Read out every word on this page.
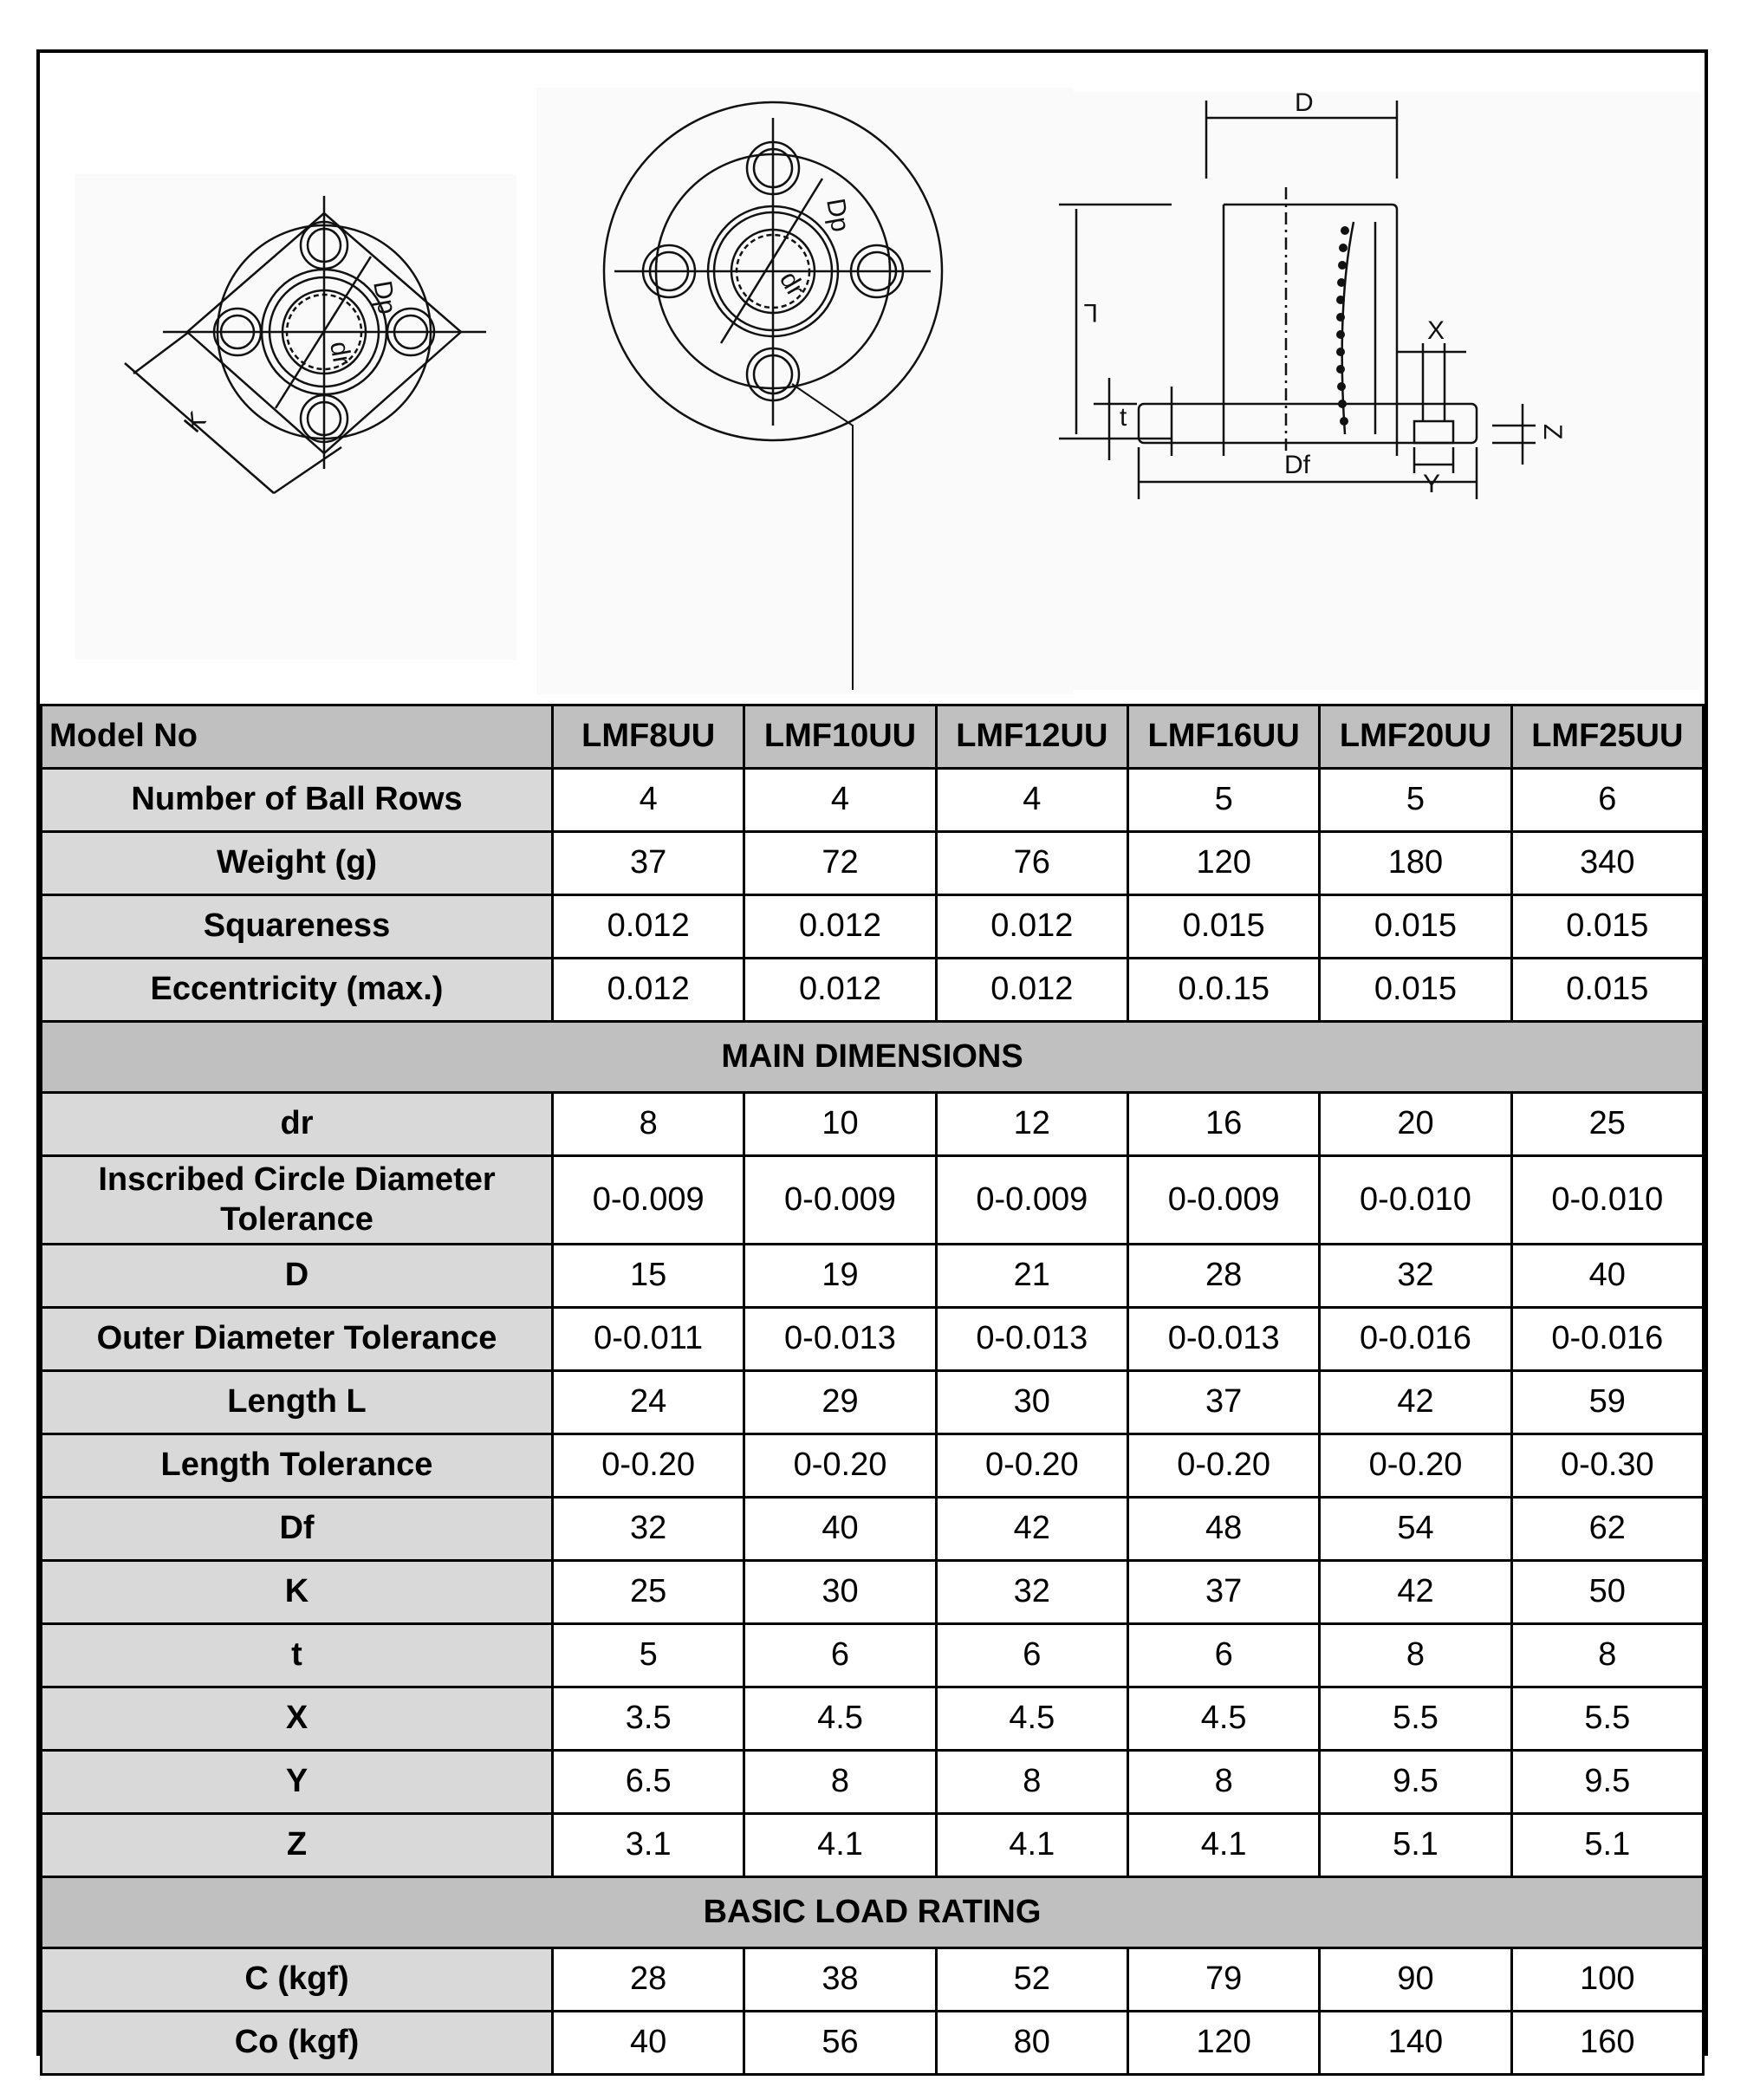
Dp
dr
K
Dp
dr
D
L
t
Df
X
Y
Z
Model No	LMF8UU	LMF10UU	LMF12UU	LMF16UU	LMF20UU	LMF25UU
Number of Ball Rows	4	4	4	5	5	6
Weight (g)	37	72	76	120	180	340
Squareness	0.012	0.012	0.012	0.015	0.015	0.015
Eccentricity (max.)	0.012	0.012	0.012	0.0.15	0.015	0.015
MAIN DIMENSIONS						
dr	8	10	12	16	20	25
Inscribed Circle Diameter Tolerance	0-0.009	0-0.009	0-0.009	0-0.009	0-0.010	0-0.010
D	15	19	21	28	32	40
Outer Diameter Tolerance	0-0.011	0-0.013	0-0.013	0-0.013	0-0.016	0-0.016
Length L	24	29	30	37	42	59
Length Tolerance	0-0.20	0-0.20	0-0.20	0-0.20	0-0.20	0-0.30
Df	32	40	42	48	54	62
K	25	30	32	37	42	50
t	5	6	6	6	8	8
X	3.5	4.5	4.5	4.5	5.5	5.5
Y	6.5	8	8	8	9.5	9.5
Z	3.1	4.1	4.1	4.1	5.1	5.1
BASIC LOAD RATING						
C (kgf)	28	38	52	79	90	100
Co (kgf)	40	56	80	120	140	160
